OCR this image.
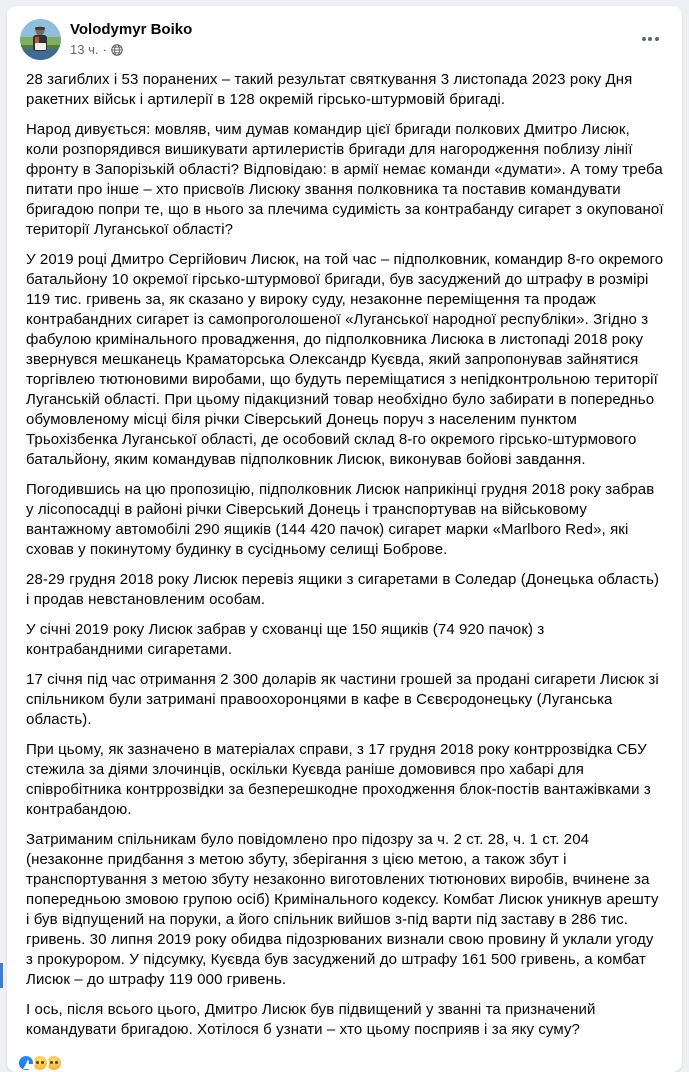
Volodymyr Boiko
13 ч. ·

28 загиблих і 53 поранених – такий результат святкування 3 листопада 2023 року Дня ракетних військ і артилерії в 128 окремій гірсько-штурмовій бригаді.

Народ дивується: мовляв, чим думав командир цієї бригади полкових Дмитро Лисюк, коли розпорядився вишикувати артилеристів бригади для нагородження поблизу лінії фронту в Запорізькій області? Відповідаю: в армії немає команди «думати». А тому треба питати про інше – хто присвоїв Лисюку звання полковника та поставив командувати бригадою попри те, що в нього за плечима судимість за контрабанду сигарет з окупованої території Луганської області?

У 2019 році Дмитро Сергійович Лисюк, на той час – підполковник, командир 8-го окремого батальйону 10 окремої гірсько-штурмової бригади, був засуджений до штрафу в розмірі 119 тис. гривень за, як сказано у вироку суду, незаконне переміщення та продаж контрабандних сигарет із самопроголошеної «Луганської народної республіки». Згідно з фабулою кримінального провадження, до підполковника Лисюка в листопаді 2018 року звернувся мешканець Краматорська Олександр Куєвда, який запропонував зайнятися торгівлею тютюновими виробами, що будуть переміщатися з непідконтрольною території Луганській області. При цьому підакцизний товар необхідно було забирати в попередньо обумовленому місці біля річки Сіверський Донець поруч з населеним пунктом Трьохізбенка Луганської області, де особовий склад 8-го окремого гірсько-штурмового батальйону, яким командував підполковник Лисюк, виконував бойові завдання.

Погодившись на цю пропозицію, підполковник Лисюк наприкінці грудня 2018 року забрав у лісопосадці в районі річки Сіверський Донець і транспортував на військовому вантажному автомобілі 290 ящиків (144 420 пачок) сигарет марки «Marlboro Red», які сховав у покинутому будинку в сусідньому селищі Боброве.

28-29 грудня 2018 року Лисюк перевіз ящики з сигаретами в Соледар (Донецька область) і продав невстановленим особам.

У січні 2019 року Лисюк забрав у схованці ще 150 ящиків (74 920 пачок) з контрабандними сигаретами.

17 січня під час отримання 2 300 доларів як частини грошей за продані сигарети Лисюк зі спільником були затримані правоохоронцями в кафе в Сєвєродонецьку (Луганська область).

При цьому, як зазначено в матеріалах справи, з 17 грудня 2018 року контррозвідка СБУ стежила за діями злочинців, оскільки Куєвда раніше домовився про хабарі для співробітника контррозвідки за безперешкодне проходження блок-постів вантажівками з контрабандою.

Затриманим спільникам було повідомлено про підозру за ч. 2 ст. 28, ч. 1 ст. 204 (незаконне придбання з метою збуту, зберігання з цією метою, а також збут і транспортування з метою збуту незаконно виготовлених тютюнових виробів, вчинене за попередньою змовою групою осіб) Кримінального кодексу. Комбат Лисюк уникнув арешту і був відпущений на поруки, а його спільник вийшов з-під варти під заставу в 286 тис. гривень. 30 липня 2019 року обидва підозрюваних визнали свою провину й уклали угоду з прокурором. У підсумку, Куєвда був засуджений до штрафу 161 500 гривень, а комбат Лисюк – до штрафу 119 000 гривень.

І ось, після всього цього, Дмитро Лисюк був підвищений у званні та призначений командувати бригадою. Хотілося б узнати – хто цьому посприяв і за яку суму?
